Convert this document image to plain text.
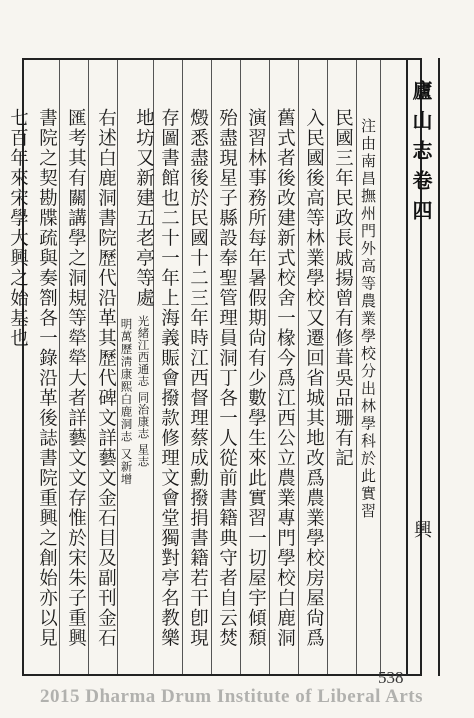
廬山志卷四
興
注由南昌撫州門外高等農業學校分出林學科於此實習
民國三年民政長戚揚曾有修葺吳品珊有記
入民國後高等林業學校又遷回省城其地改爲農業學校房屋尙爲
舊式者後改建新式校舍一椽今爲江西公立農業專門學校白鹿洞
演習林事務所每年暑假期尙有少數學生來此實習一切屋宇傾頹
殆盡現星子縣設奉聖管理員洞丁各一人從前書籍典守者自云焚
燬悉盡後於民國十二三年時江西督理蔡成勳撥捐書籍若干卽現
存圖書館也二十一年上海義賑會撥款修理文會堂獨對亭名教樂
地坊又新建五老亭等處 光緒江西通志 同治康志 星志
右述白鹿洞書院歷代沿革其歷代碑文詳藝文金石目及副刊金石 明萬歷淸康熙白鹿洞志 又新增
匯考其有關講學之洞規等犖犖大者詳藝文文存惟於宋朱子重興
書院之契勘牒疏與奏劄各一錄沿革後誌書院重興之創始亦以見
538
2015 Dharma Drum Institute of Liberal Arts
七百年來宋學大興之始基也
